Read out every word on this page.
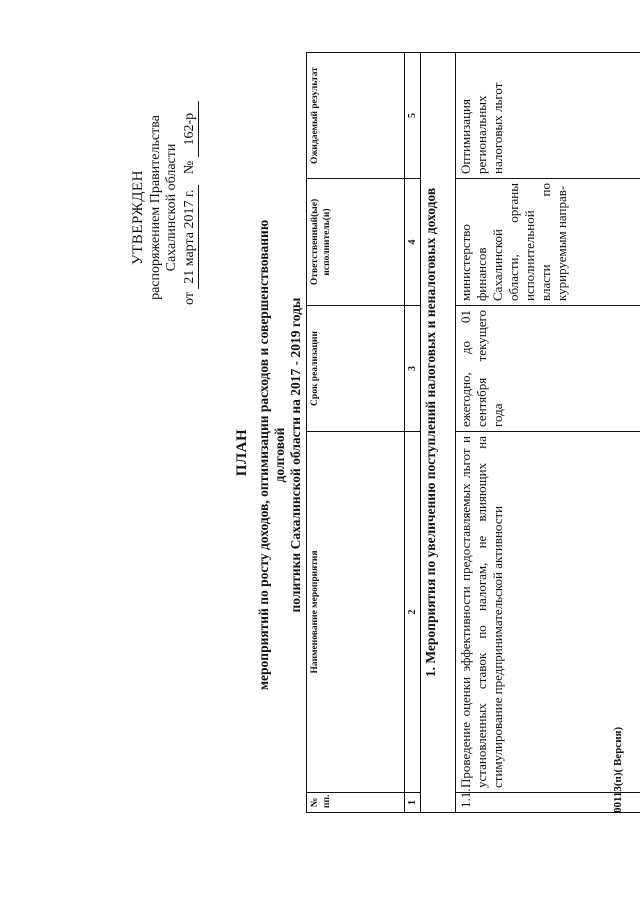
УТВЕРЖДЕН распоряжением Правительства Сахалинской области
от 21 марта 2017 г.   № 162-р
ПЛАН мероприятий по росту доходов, оптимизации расходов и совершенствованию долговой политики Сахалинской области на 2017 - 2019 годы
№ пп.	Наименование мероприятия	Срок реализации	Ответственный(ые) исполнитель(и)	Ожидаемый результат
1	2	3	4	5
1. Мероприятия по увеличению поступлений налоговых и неналоговых доходов				
1.1.	Проведение оценки эффективности предоставляемых льгот и установленных ставок по налогам, не влияющих на стимулирование предпринимательской активности	ежегодно, до 01 сентября текущего года	министерство финансов Сахалинской области, органы исполнительной власти по курируемым направ-	Оптимизация региональных налоговых льгот
00113(п)( Версия)
